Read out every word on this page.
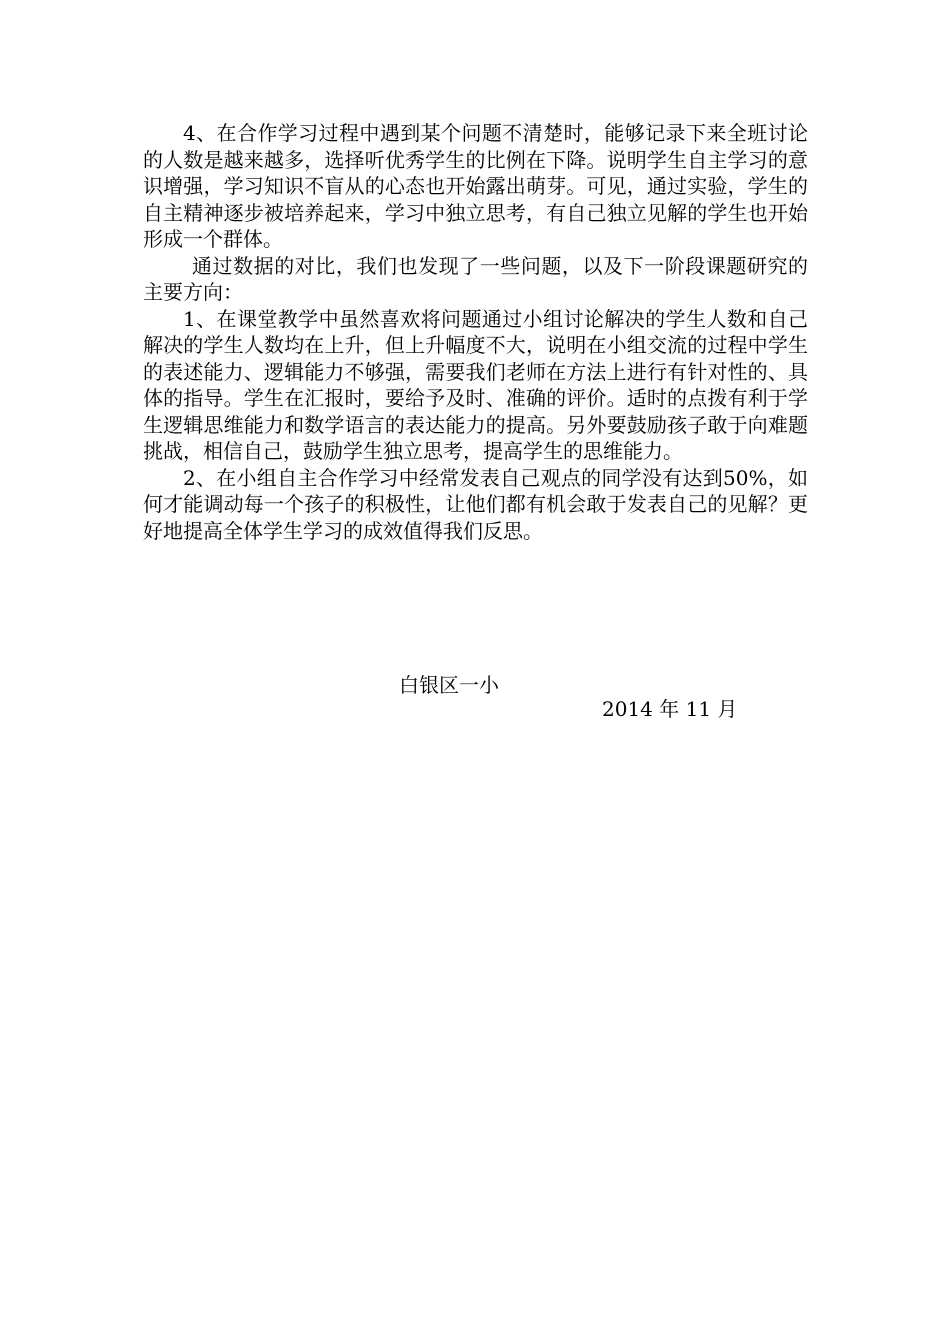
4、在合作学习过程中遇到某个问题不清楚时，能够记录下来全班讨论的人数是越来越多，选择听优秀学生的比例在下降。说明学生自主学习的意识增强，学习知识不盲从的心态也开始露出萌芽。可见，通过实验，学生的自主精神逐步被培养起来，学习中独立思考，有自己独立见解的学生也开始形成一个群体。

通过数据的对比，我们也发现了一些问题，以及下一阶段课题研究的主要方向：

1、在课堂教学中虽然喜欢将问题通过小组讨论解决的学生人数和自己解决的学生人数均在上升，但上升幅度不大，说明在小组交流的过程中学生的表述能力、逻辑能力不够强，需要我们老师在方法上进行有针对性的、具体的指导。学生在汇报时，要给予及时、准确的评价。适时的点拨有利于学生逻辑思维能力和数学语言的表达能力的提高。另外要鼓励孩子敢于向难题挑战，相信自己，鼓励学生独立思考，提高学生的思维能力。

2、在小组自主合作学习中经常发表自己观点的同学没有达到50%，如何才能调动每一个孩子的积极性，让他们都有机会敢于发表自己的见解？更好地提高全体学生学习的成效值得我们反思。

白银区一小
2014 年 11 月
